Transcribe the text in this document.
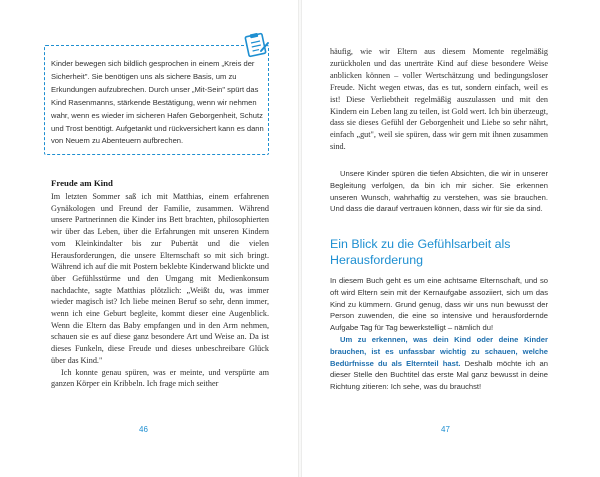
Kinder bewegen sich bildlich gesprochen in einem „Kreis der Sicherheit". Sie benötigen uns als sichere Basis, um zu Erkundungen aufzubrechen. Durch unser „Mit-Sein" spürt das Kind Rasenmanns, stärkende Bestätigung, wenn wir nehmen wahr, wenn es wieder im sicheren Hafen Geborgenheit, Schutz und Trost benötigt. Aufgetankt und rückversichert kann es dann von Neuem zu Abenteuern aufbrechen.
Freude am Kind

Im letzten Sommer saß ich mit Matthias, einem erfahrenen Gynäkologen und Freund der Familie, zusammen. Während unsere Partnerinnen die Kinder ins Bett brachten, philosophierten wir über das Leben, über die Erfahrungen mit unseren Kindern vom Kleinkindalter bis zur Pubertät und die vielen Herausforderungen, die unsere Elternschaft so mit sich bringt. Während ich auf die mit Postern beklebte Kinderwand blickte und über Gefühlsstürme und den Umgang mit Medienkonsum nachdachte, sagte Matthias plötzlich: „Weißt du, was immer wieder magisch ist? Ich liebe meinen Beruf so sehr, denn immer, wenn ich eine Geburt begleite, kommt dieser eine Augenblick. Wenn die Eltern das Baby empfangen und in den Arm nehmen, schauen sie es auf diese ganz besondere Art und Weise an. Da ist dieses Funkeln, diese Freude und dieses unbeschreibare Glück über das Kind."

Ich konnte genau spüren, was er meinte, und verspürte am ganzen Körper ein Kribbeln. Ich frage mich seither

46

häufig, wie wir Eltern aus diesem Momente regelmäßig zurückholen und das unerträte Kind auf diese besondere Weise anblicken können – voller Wertschätzung und bedingungsloser Freude. Nicht wegen etwas, das es tut, sondern einfach, weil es ist! Diese Verliebtheit regelmäßig auszulassen und mit den Kindern ein Leben lang zu teilen, ist Gold wert. Ich bin überzeugt, dass sie dieses Gefühl der Geborgenheit und Liebe so sehr nährt, einfach „gut", weil sie spüren, dass wir gern mit ihnen zusammen sind.

Unsere Kinder spüren die tiefen Absichten, die wir in unserer Begleitung verfolgen, da bin ich mir sicher. Sie erkennen unseren Wunsch, wahrhaftig zu verstehen, was sie brauchen. Und dass die darauf vertrauen können, dass wir für sie da sind.

Ein Blick zu die Gefühlsarbeit als Herausforderung

In diesem Buch geht es um eine achtsame Elternschaft, und so oft wird Eltern sein mit der Kernaufgabe assoziiert, sich um das Kind zu kümmern. Grund genug, dass wir uns nun bewusst der Person zuwenden, die eine so intensive und herausfordernde Aufgabe Tag für Tag bewerkstelligt – nämlich du!

Um zu erkennen, was dein Kind oder deine Kinder brauchen, ist es unfassbar wichtig zu schauen, welche Bedürfnisse du als Elternteil hast. Deshalb möchte ich an dieser Stelle den Buchtitel das erste Mal ganz bewusst in deine Richtung zitieren: Ich sehe, was du brauchst!

47
